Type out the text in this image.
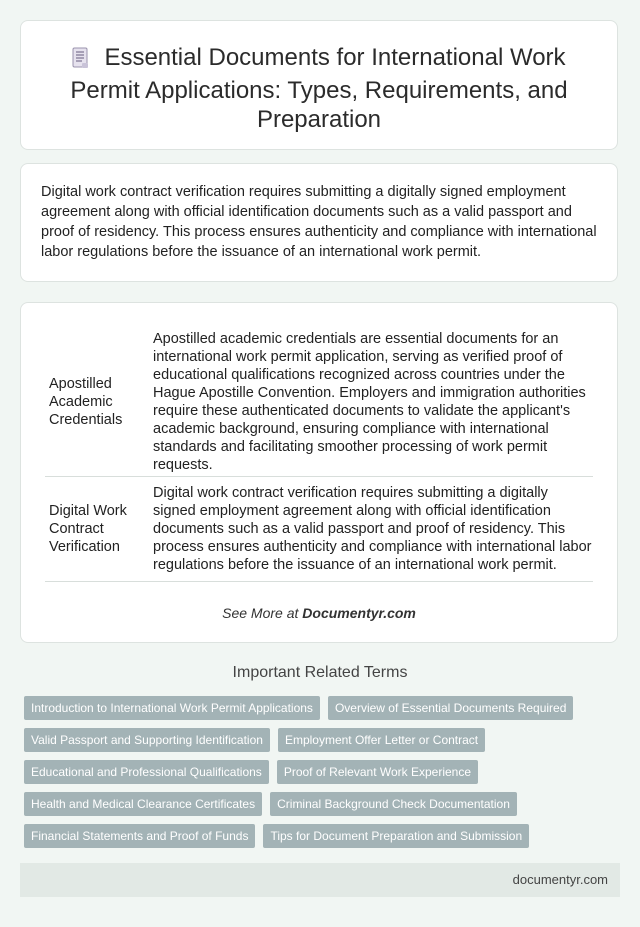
Essential Documents for International Work Permit Applications: Types, Requirements, and Preparation
Digital work contract verification requires submitting a digitally signed employment agreement along with official identification documents such as a valid passport and proof of residency. This process ensures authenticity and compliance with international labor regulations before the issuance of an international work permit.
Apostilled Academic Credentials	Apostilled academic credentials are essential documents for an international work permit application, serving as verified proof of educational qualifications recognized across countries under the Hague Apostille Convention. Employers and immigration authorities require these authenticated documents to validate the applicant's academic background, ensuring compliance with international standards and facilitating smoother processing of work permit requests.
Digital Work Contract Verification	Digital work contract verification requires submitting a digitally signed employment agreement along with official identification documents such as a valid passport and proof of residency. This process ensures authenticity and compliance with international labor regulations before the issuance of an international work permit.
See More at Documentyr.com
Important Related Terms
Introduction to International Work Permit Applications	Overview of Essential Documents Required
Valid Passport and Supporting Identification	Employment Offer Letter or Contract
Educational and Professional Qualifications	Proof of Relevant Work Experience
Health and Medical Clearance Certificates	Criminal Background Check Documentation
Financial Statements and Proof of Funds	Tips for Document Preparation and Submission
documentyr.com
